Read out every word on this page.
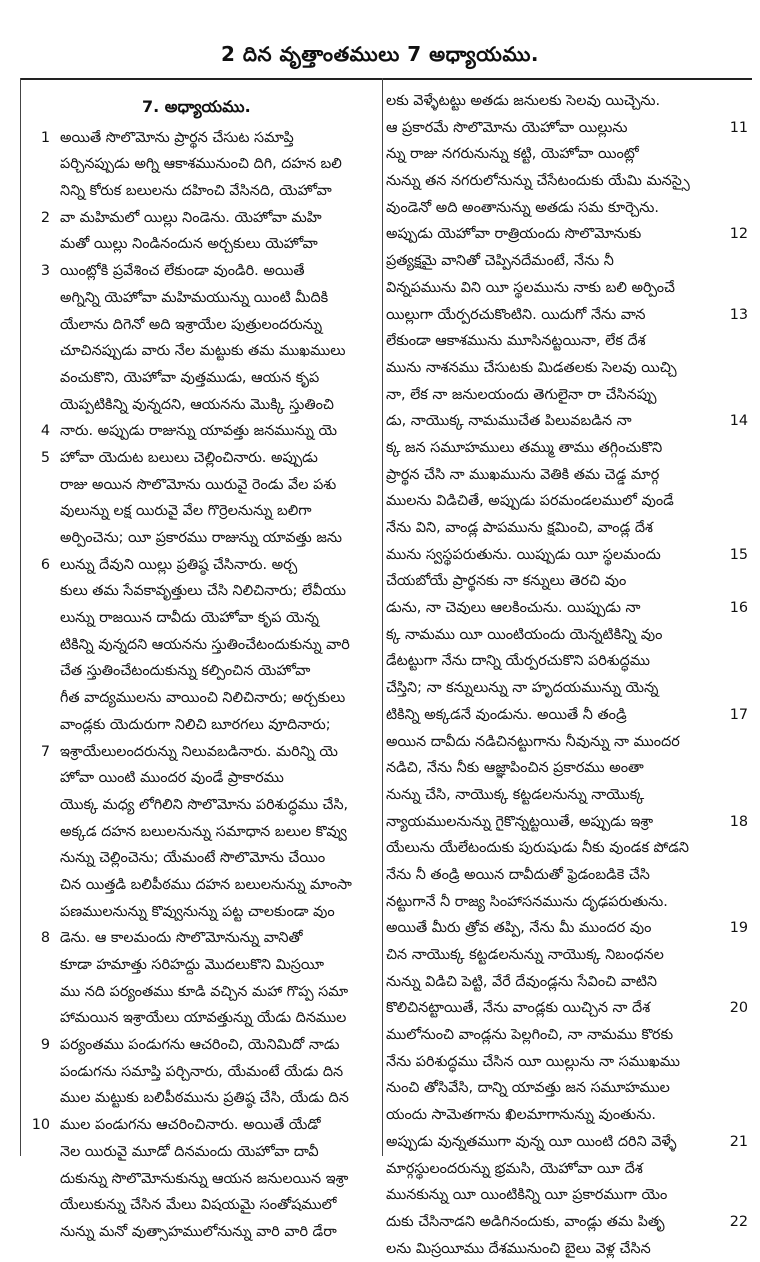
2 దిన వృత్తాంతములు 7 అధ్యాయము.
7. అధ్యాయము.
1 అయితే సొలొమోను ప్రార్థన చేసుట సమాప్తి
పర్చినప్పుడు అగ్ని ఆకాశమునుంచి దిగి, దహన బలి
నిన్ని కోరుక బలులను దహించి వేసినది, యెహోవా
2 వా మహిమలో యిల్లు నిండెను. యెహోవా మహి
మతో యిల్లు నిండినందున అర్చకులు యెహోవా
3 యింట్లోకి ప్రవేశించ లేకుండా వుండిరి. అయితే
అగ్నిన్ని యెహోవా మహిమయున్ను యింటి మీదికి
యేలాను దిగెనో అది ఇశ్రాయేల పుత్రులందరున్ను
చూచినప్పుడు వారు నేల మట్టుకు తమ ముఖములు
వంచుకొని, యెహోవా వుత్తముడు, ఆయన కృప
యెప్పటికిన్ని వున్నదని, ఆయనను మొక్కి స్తుతించి
4 నారు. అప్పుడు రాజున్ను యావత్తు జనమున్ను యె
5 హోవా యెదుట బలులు చెల్లించినారు. అప్పుడు
రాజు అయిన సొలొమోను యిరువై రెండు వేల పశు
వులున్ను లక్ష యిరువై వేల గొర్రెలనున్ను బలిగా
అర్పించెను; యీ ప్రకారము రాజున్ను యావత్తు జను
6 లున్ను దేవుని యిల్లు ప్రతిష్ఠ చేసినారు. అర్చ
కులు తమ సేవకావృత్తులు చేసి నిలిచినారు; లేవీయు
లున్ను రాజయిన దావీదు యెహోవా కృప యెన్న
టికిన్ని వున్నదని ఆయనను స్తుతించేటందుకున్ను వారి
చేత స్తుతించేటందుకున్ను కల్పించిన యెహోవా
గీత వాద్యములను వాయించి నిలిచినారు; అర్చకులు
వాండ్లకు యెదురుగా నిలిచి బూరగలు వూదినారు;
7 ఇశ్రాయేలులందరున్ను నిలువబడినారు. మరిన్ని యె
హోవా యింటి ముందర వుండే ప్రాకారము
యొక్క మధ్య లోగిలిని సొలొమోను పరిశుద్ధము చేసి,
అక్కడ దహన బలులనున్ను సమాధాన బలుల కొవ్వు
నున్ను చెల్లించెను; యేమంటే సొలొమోను చేయిం
చిన యిత్తడి బలిపీఠము దహన బలులనున్ను మాంసా
పణములనున్ను కొవ్వునున్ను పట్ట చాలకుండా వుం
8 డెను. ఆ కాలమందు సొలొమోనున్ను వానితో
కూడా హమాత్తు సరిహద్దు మొదలుకొని మిస్రయీ
ము నది పర్యంతము కూడి వచ్చిన మహా గొప్ప సమా
హామయిన ఇశ్రాయేలు యావత్తున్ను యేడు దినముల
9 పర్యంతము పండుగను ఆచరించి, యెనిమిదో నాడు
పండుగను సమాప్తి పర్చినారు, యేమంటే యేడు దిన
ముల మట్టుకు బలిపీఠమును ప్రతిష్ఠ చేసి, యేడు దిన
10 ముల పండుగను ఆచరించినారు. అయితే యేడో
నెల యిరువై మూడో దినమందు యెహోవా దావీ
దుకున్ను సొలొమోనుకున్ను ఆయన జనులయిన ఇశ్రా
యేలుకున్ను చేసిన మేలు విషయమై సంతోషములో
నున్ను మనో వుత్సాహములోనున్ను వారి వారి డేరా
లకు వెళ్ళేటట్టు అతడు జనులకు సెలవు యిచ్చెను.
11
ఆ ప్రకారమే సొలొమోను యెహోవా యిల్లును
న్ను రాజు నగరునున్ను కట్టి, యెహోవా యింట్లో
నున్ను తన నగరులోనున్ను చేసేటందుకు యేమి మనస్సై
వుండెనో అది అంతానున్ను అతడు సమ కూర్చెను.
12
అప్పుడు యెహోవా రాత్రియందు సొలొమోనుకు
ప్రత్యక్షమై వానితో చెప్పినదేమంటే, నేను నీ
విన్నపమును విని యీ స్థలమును నాకు బలి అర్పించే
13
యిల్లుగా యేర్పరచుకొంటిని. యిదుగో నేను వాన
లేకుండా ఆకాశమును మూసినట్టయినా, లేక దేశ
మును నాశనము చేసుటకు మిడతలకు సెలవు యిచ్చి
నా, లేక నా జనులయందు తెగులైనా రా చేసినప్పు
14
డు, నాయొక్క నామముచేత పిలువబడిన నా
క్క జన సమూహములు తమ్ము తాము తగ్గించుకొని
ప్రార్థన చేసి నా ముఖమును వెతికి తమ చెడ్డ మార్గ
ములను విడిచితే, అప్పుడు పరమండలములో వుండే
నేను విని, వాండ్ల పాపమును క్షమించి, వాండ్ల దేశ
15
మును స్వస్థపరుతును. యిప్పుడు యీ స్థలమందు
చేయబోయే ప్రార్థనకు నా కన్నులు తెరచి వుం
16
డును, నా చెవులు ఆలకించును. యిప్పుడు నా
క్క నామము యీ యింటియందు యెన్నటికిన్ని వుం
డేటట్టుగా నేను దాన్ని యేర్పరచుకొని పరిశుద్ధము
చేస్తిని; నా కన్నులున్ను నా హృదయమున్ను యెన్న
17
టికిన్ని అక్కడనే వుండును. అయితే నీ తండ్రి
అయిన దావీదు నడిచినట్టుగాను నీవున్ను నా ముందర
నడిచి, నేను నీకు ఆజ్ఞాపించిన ప్రకారము అంతా
నున్ను చేసి, నాయొక్క కట్టడలనున్ను నాయొక్క
18
న్యాయములనున్ను గైకొన్నట్టయితే, అప్పుడు ఇశ్రా
యేలును యేలేటందుకు పురుషుడు నీకు వుండక పోడని
నేను నీ తండ్రి అయిన దావీదుతో ఫ్రెడంబడికె చేసి
నట్టుగానే నీ రాజ్య సింహాసనమును దృఢపరుతును.
19
అయితే మీరు త్రోవ తప్పి, నేను మీ ముందర వుం
చిన నాయొక్క కట్టడలనున్ను నాయొక్క నిబంధనల
నున్ను విడిచి పెట్టి, వేరే దేవుండ్లను సేవించి వాటిని
20
కొలిచినట్టాయితే, నేను వాండ్లకు యిచ్చిన నా దేశ
ములోనుంచి వాండ్లను పెల్లగించి, నా నామము కొరకు
నేను పరిశుద్ధము చేసిన యీ యిల్లును నా సముఖము
నుంచి తోసివేసి, దాన్ని యావత్తు జన సమూహముల
యందు సామెతగాను ఖిలమాగానున్ను వుంతును.
21
అప్పుడు వున్నతముగా వున్న యీ యింటి దరిని వెళ్ళే
మార్గస్థులందరున్ను భ్రమసి, యెహోవా యీ దేశ
మునకున్ను యీ యింటికిన్ని యీ ప్రకారముగా యెం
22
దుకు చేసినాడని అడిగినందుకు, వాండ్లు తమ పితృ
లను మిస్రయీము దేశమునుంచి బైలు వెళ్ల చేసిన
